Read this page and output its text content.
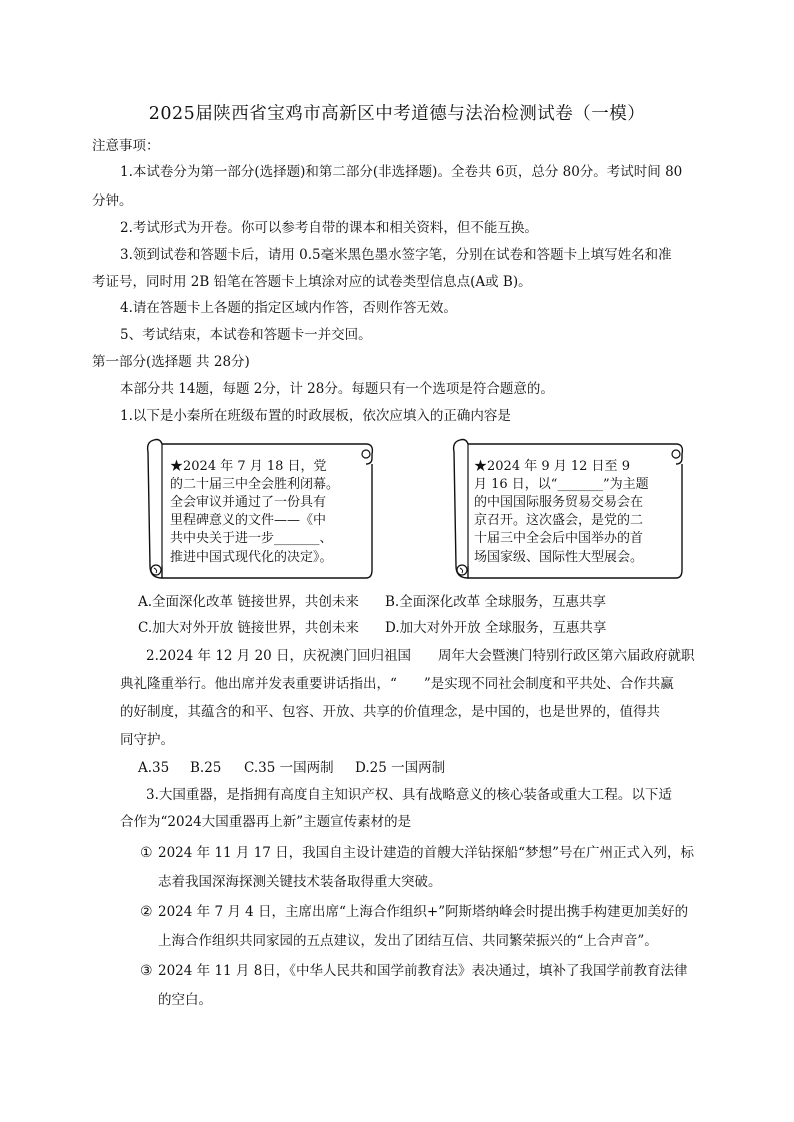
2025届陕西省宝鸡市高新区中考道德与法治检测试卷（一模）
注意事项：
1.本试卷分为第一部分(选择题)和第二部分(非选择题)。全卷共 6页，总分 80分。考试时间 80
分钟。
2.考试形式为开卷。你可以参考自带的课本和相关资料，但不能互换。
3.领到试卷和答题卡后，请用 0.5毫米黑色墨水签字笔，分别在试卷和答题卡上填写姓名和准
考证号，同时用 2B 铅笔在答题卡上填涂对应的试卷类型信息点(A或 B)。
4.请在答题卡上各题的指定区域内作答，否则作答无效。
5、考试结束，本试卷和答题卡一并交回。
第一部分(选择题 共 28分)
本部分共 14题，每题 2分，计 28分。每题只有一个选项是符合题意的。
1.以下是小秦所在班级布置的时政展板，依次应填入的正确内容是
★2024 年 7 月 18 日，党
的二十届三中全会胜利闭幕。
全会审议并通过了一份具有
里程碑意义的文件——《中
共中央关于进一步_______、
推进中国式现代化的决定》。
★2024 年 9 月 12 日至 9
月 16 日，以“_______”为主题
的中国国际服务贸易交易会在
京召开。这次盛会，是党的二
十届三中全会后中国举办的首
场国家级、国际性大型展会。
A.全面深化改革 链接世界，共创未来 B.全面深化改革 全球服务，互惠共享
C.加大对外开放 链接世界，共创未来 D.加大对外开放 全球服务，互惠共享
2.2024 年 12 月 20 日，庆祝澳门回归祖国　　周年大会暨澳门特别行政区第六届政府就职
典礼隆重举行。他出席并发表重要讲话指出，“　　”是实现不同社会制度和平共处、合作共赢
的好制度，其蕴含的和平、包容、开放、共享的价值理念，是中国的，也是世界的，值得共
同守护。
A.35 B.25 C.35 一国两制 D.25 一国两制
3.大国重器，是指拥有高度自主知识产权、具有战略意义的核心装备或重大工程。以下适
合作为“2024大国重器再上新”主题宣传素材的是
① 2024 年 11 月 17 日，我国自主设计建造的首艘大洋钻探船“梦想”号在广州正式入列，标
志着我国深海探测关键技术装备取得重大突破。
② 2024 年 7 月 4 日，主席出席“上海合作组织+”阿斯塔纳峰会时提出携手构建更加美好的
上海合作组织共同家园的五点建议，发出了团结互信、共同繁荣振兴的“上合声音”。
③ 2024 年 11 月 8日，《中华人民共和国学前教育法》表决通过，填补了我国学前教育法律
的空白。
